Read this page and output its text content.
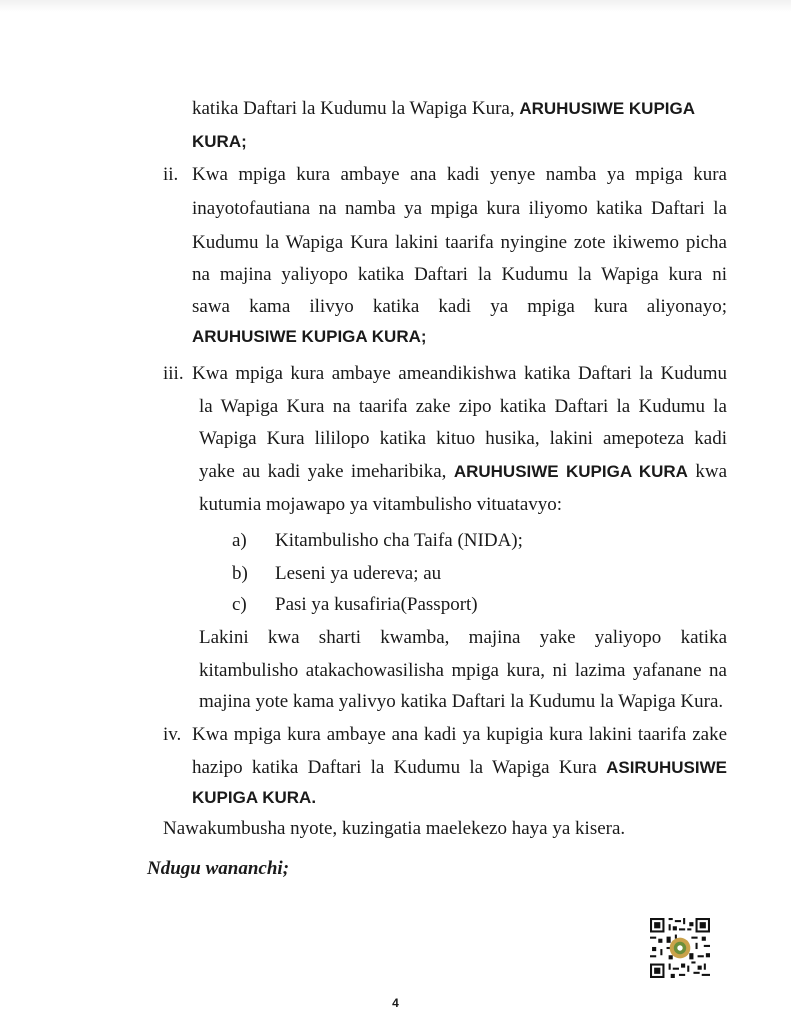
katika Daftari la Kudumu la Wapiga Kura, ARUHUSIWE KUPIGA
KURA;
ii. Kwa mpiga kura ambaye ana kadi yenye namba ya mpiga kura
inayotofautiana na namba ya mpiga kura iliyomo katika Daftari la
Kudumu la Wapiga Kura lakini taarifa nyingine zote ikiwemo picha
na majina yaliyopo katika Daftari la Kudumu la Wapiga kura ni
sawa kama ilivyo katika kadi ya mpiga kura aliyonayo;
ARUHUSIWE KUPIGA KURA;
iii. Kwa mpiga kura ambaye ameandikishwa katika Daftari la Kudumu
la Wapiga Kura na taarifa zake zipo katika Daftari la Kudumu la
Wapiga Kura lililopo katika kituo husika, lakini amepoteza kadi
yake au kadi yake imeharibika, ARUHUSIWE KUPIGA KURA kwa
kutumia mojawapo ya vitambulisho vituatavyo:
a) Kitambulisho cha Taifa (NIDA);
b) Leseni ya udereva; au
c) Pasi ya kusafiria(Passport)
Lakini kwa sharti kwamba, majina yake yaliyopo katika
kitambulisho atakachowasilisha mpiga kura, ni lazima yafanane na
majina yote kama yalivyo katika Daftari la Kudumu la Wapiga Kura.
iv. Kwa mpiga kura ambaye ana kadi ya kupigia kura lakini taarifa zake
hazipo katika Daftari la Kudumu la Wapiga Kura ASIRUHUSIWE
KUPIGA KURA.
Nawakumbusha nyote, kuzingatia maelekezo haya ya kisera.
Ndugu wananchi;
4
